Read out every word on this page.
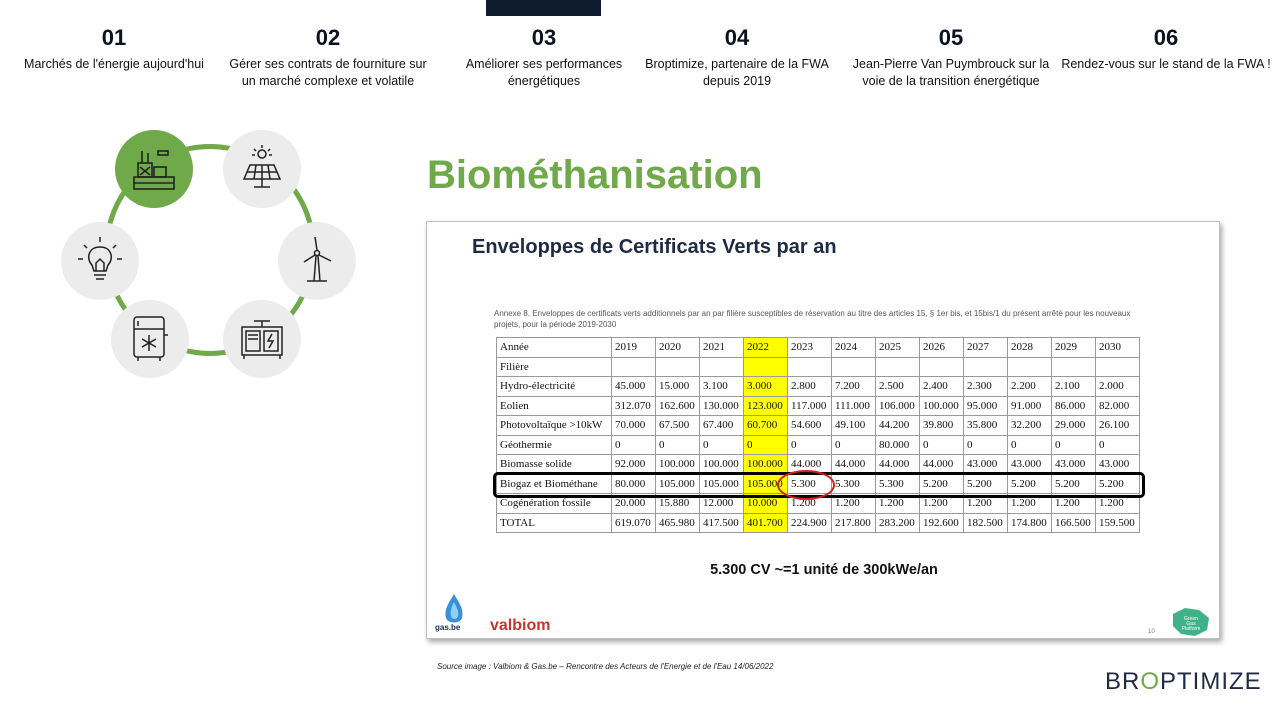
01
Marchés de l'énergie aujourd'hui
02
Gérer ses contrats de fourniture sur un marché complexe et volatile
03
Améliorer ses performances énergétiques
04
Broptimize, partenaire de la FWA depuis 2019
05
Jean-Pierre Van Puymbrouck sur la voie de la transition énergétique
06
Rendez-vous sur le stand de la FWA !
Biométhanisation
Enveloppes de Certificats Verts par an
Annexe 8. Enveloppes de certificats verts additionnels par an par filière susceptibles de réservation au titre des articles 15, § 1er bis, et 15bis/1 du présent arrêté pour les nouveaux projets, pour la période 2019-2030
Année	2019	2020	2021	2022	2023	2024	2025	2026	2027	2028	2029	2030
Filière												
Hydro-électricité	45.000	15.000	3.100	3.000	2.800	7.200	2.500	2.400	2.300	2.200	2.100	2.000
Eolien	312.070	162.600	130.000	123.000	117.000	111.000	106.000	100.000	95.000	91.000	86.000	82.000
Photovoltaïque >10kW	70.000	67.500	67.400	60.700	54.600	49.100	44.200	39.800	35.800	32.200	29.000	26.100
Géothermie	0	0	0	0	0	0	80.000	0	0	0	0	0
Biomasse solide	92.000	100.000	100.000	100.000	44.000	44.000	44.000	44.000	43.000	43.000	43.000	43.000
Biogaz et Biométhane	80.000	105.000	105.000	105.000	5.300	5.300	5.300	5.200	5.200	5.200	5.200	5.200
Cogénération fossile	20.000	15.880	12.000	10.000	1.200	1.200	1.200	1.200	1.200	1.200	1.200	1.200
TOTAL	619.070	465.980	417.500	401.700	224.900	217.800	283.200	192.600	182.500	174.800	166.500	159.500
5.300 CV ~=1 unité de 300kWe/an
gas.be valbiom	Green
Gas
Platform
10
Source image : Valbiom & Gas.be – Rencontre des Acteurs de l'Energie et de l'Eau 14/06/2022
BROPTIMIZE
